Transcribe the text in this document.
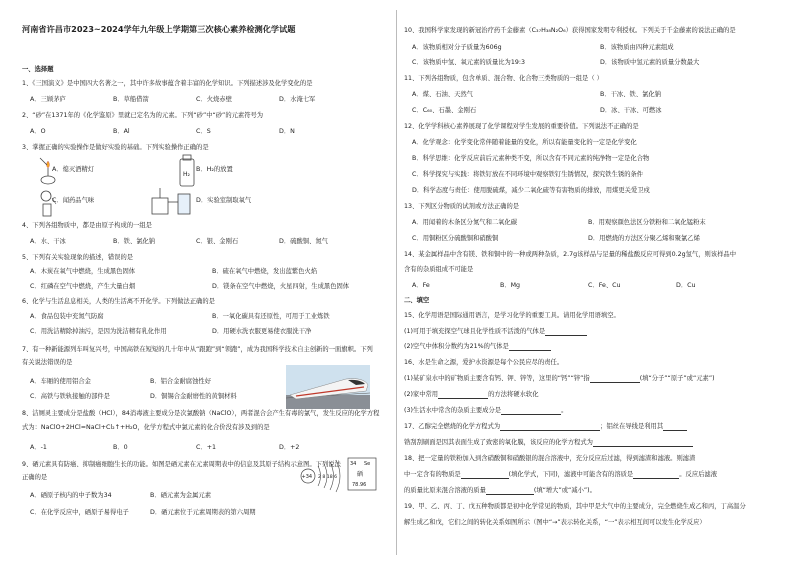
河南省许昌市2023~2024学年九年级上学期第三次核心素养检测化学试题
一、选择题
1、《三国演义》是中国四大名著之一，其中许多故事蕴含着丰富的化学知识。下列描述涉及化学变化的是
A．三顾茅庐	B．草船借箭	C．火烧赤壁	D．水淹七军
2、“砂”在1371年的《化学鉴原》里就已定名为的元素。下列“砂”中“砂”的元素符号为
A．O	B．Al	C．S	D．N
3、掌握正确的实验操作是做好实验的基础。下列实验操作正确的是
A．熄灭酒精灯
H₂
B．H₂的放置
C．闻药品气味	D．实验室制取氧气
4、下列各组物质中，都是由原子构成的一组是
A．水、干冰	B．铁、氯化钠	C．银、金刚石	D．硫酸铜、氮气
5、下列有关实验现象的描述，错误的是
A．木炭在氧气中燃烧，生成黑色固体	B．硫在氧气中燃烧，发出蓝紫色火焰
C．红磷在空气中燃烧，产生大量白烟	D．镁条在空气中燃烧，火星四射，生成黑色固体
6、化学与生活息息相关，人类的生活离不开化学。下列做法正确的是
A．食品包装中充氮气防腐	B．一氧化碳具有还原性，可用于工业炼铁
C．用洗洁精除掉油污，是因为洗洁精有乳化作用	D．用硬水洗衣服更易使衣服洗干净
7、有一种新能源列车叫复兴号，中国高铁在短短的几十年中从“跟跑”到“领跑”，成为我国科学技术自主创新的一面旗帜。下列
有关说法错误的是
A．车厢的使用铝合金	B．铝合金耐腐蚀性好
C．高铁与铁轨接触的部件是	D．铜锡合金耐磨性的黄铜材料
8、洁厕灵主要成分是盐酸（HCl），84消毒液主要成分是次氯酸钠（NaClO），两者混合会产生有毒的氯气，发生反应的化学方程
式为：NaClO+2HCl=NaCl+Cl₂↑+H₂O，化学方程式中氯元素的化合价没有涉及到的是
A．-1	B．0	C．+1	D．+2
9、硒元素具有防癌、抑制癌细胞生长的功能。如图是硒元素在元素周期表中的信息及其原子结构示意图。下列说法
正确的是	+34 2 8 18 6
34 Se
硒
78.96
A．硒原子核内的中子数为34	B．硒元素为金属元素
C．在化学反应中，硒原子易得电子	D．硒元素位于元素周期表的第六周期
10、我国科学家发现的新冠治疗药千金藤素（C₃₇H₃₈N₂O₆）获得国家发明专利授权。下列关于千金藤素的说法正确的是
A．该物质相对分子质量为606g	B．该物质由四种元素组成
C．该物质中氢、氧元素的质量比为19:3	D．该物质中氢元素的质量分数最大
11、下列各组物质，包含单质、混合物、化合物三类物质的一组是（ ）
A．煤、石油、天然气	B．干冰、铁、氯化钠
C．C₆₀、石墨、金刚石	D．冰、干冰、可燃冰
12、化学学科核心素养展现了化学课程对学生发展的重要价值。下列说法不正确的是
A．化学观念：化学变化常伴随着能量的变化，所以有能量变化的一定是化学变化
B．科学思维：化学反应前后元素种类不变，所以含有不同元素的纯净物一定是化合物
C．科学探究与实践：将铁钉放在不同环境中观察铁钉生锈情况，探究铁生锈的条件
D．科学态度与责任：使用脱硫煤，减少二氧化硫等有害物质的排放，用煤更关爱卫戍
13、下列区分物质的试剂或方法正确的是
A．用闻着的木条区分氮气和二氧化碳	B．用观察颜色法区分铁粉和二氧化锰粉末
C．用铜粉区分硫酸铜和硝酸铜	D．用燃烧的方法区分聚乙烯和聚氯乙烯
14、某金属样品中含有镁、铁和铜中的一种或两种杂质，2.7g该样品与足量的稀盐酸反应可得到0.2g氢气，则该样品中
含有的杂质组成不可能是
A．Fe	B．Mg	C．Fe、Cu	D．Cu
二、填空
15、化学用语是国际通用语言，是学习化学的重要工具。请用化学用语填空。
(1)可用于填充探空气球且化学性质不活泼的气体是
(2)空气中体积分数约为21%的气体是
16、水是生命之源，爱护水资源是每个公民应尽的责任。
(1)某矿泉水中的矿物质主要含有钙、钾、锌等，这里的“钙”“锌”指	(填“分子”“原子”或“元素”)
(2)家中常用	的方法将硬水软化
(3)生活水中常含的杂质主要成分是	。
17、乙醇完全燃烧的化学方程式为	；铝丝在导线是利用其
锆刮刮刷面是因其表面生成了致密的氧化膜，该反应的化学方程式为
18、把一定量的铁粉加入到含硝酸铜和硝酸银的混合溶液中，充分反应后过滤，得到滤渣和滤液。则滤渣
中一定含有的物质是	(填化学式，下同)，滤液中可能含有的溶质是	。反应后滤液
的质量比原来混合溶液的质量	(填“增大”或“减小”)。
19、甲、乙、丙、丁、戊五种物质都是初中化学常见的物质，其中甲是大气中的主要成分，完全燃烧生成乙和丙，丁高温分
解生成乙和戊，它们之间的转化关系如图所示（图中“→”表示转化关系，“一”表示相互间可以发生化学反应）
